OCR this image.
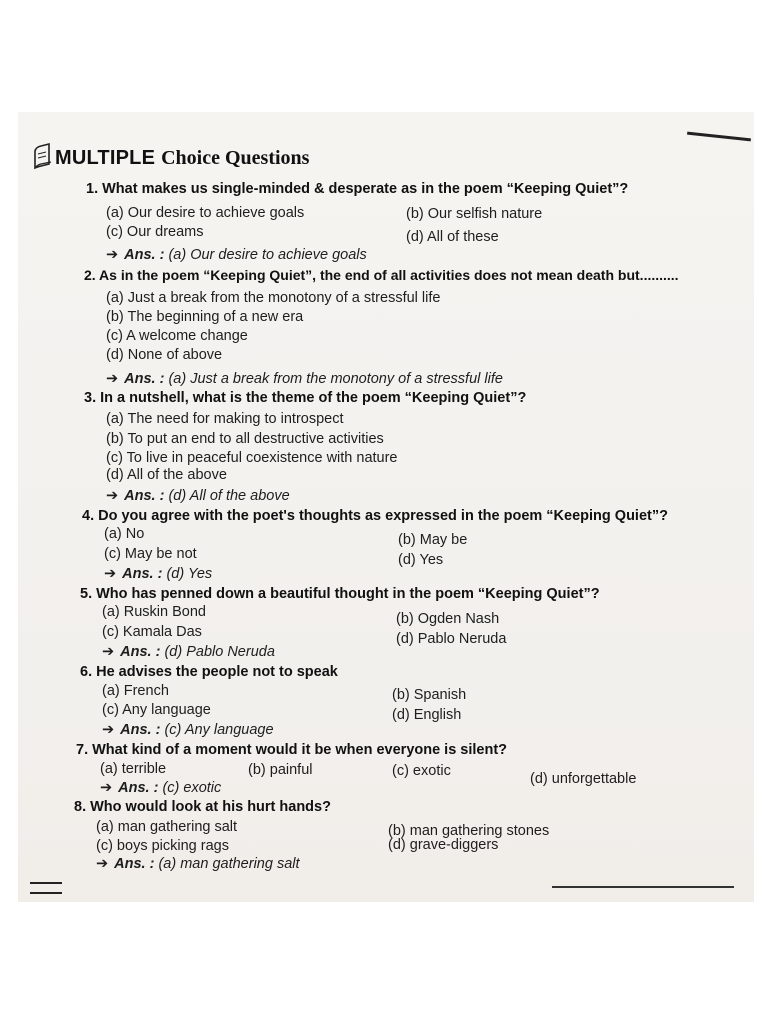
MULTIPLE Choice Questions
1. What makes us single-minded & desperate as in the poem “Keeping Quiet”?
(a) Our desire to achieve goals	(b) Our selfish nature
(c) Our dreams	(d) All of these
➔ Ans. : (a) Our desire to achieve goals
2. As in the poem “Keeping Quiet”, the end of all activities does not mean death but..........
(a) Just a break from the monotony of a stressful life
(b) The beginning of a new era
(c) A welcome change
(d) None of above
➔ Ans. : (a) Just a break from the monotony of a stressful life
3. In a nutshell, what is the theme of the poem “Keeping Quiet”?
(a) The need for making to introspect
(b) To put an end to all destructive activities
(c) To live in peaceful coexistence with nature
(d) All of the above
➔ Ans. : (d) All of the above
4. Do you agree with the poet's thoughts as expressed in the poem “Keeping Quiet”?
(a) No	(b) May be
(c) May be not	(d) Yes
➔ Ans. : (d) Yes
5. Who has penned down a beautiful thought in the poem “Keeping Quiet”?
(a) Ruskin Bond	(b) Ogden Nash
(c) Kamala Das	(d) Pablo Neruda
➔ Ans. : (d) Pablo Neruda
6. He advises the people not to speak
(a) French	(b) Spanish
(c) Any language	(d) English
➔ Ans. : (c) Any language
7. What kind of a moment would it be when everyone is silent?
(a) terrible	(b) painful	(c) exotic	(d) unforgettable
➔ Ans. : (c) exotic
8. Who would look at his hurt hands?
(a) man gathering salt	(b) man gathering stones
(c) boys picking rags	(d) grave-diggers
➔ Ans. : (a) man gathering salt
